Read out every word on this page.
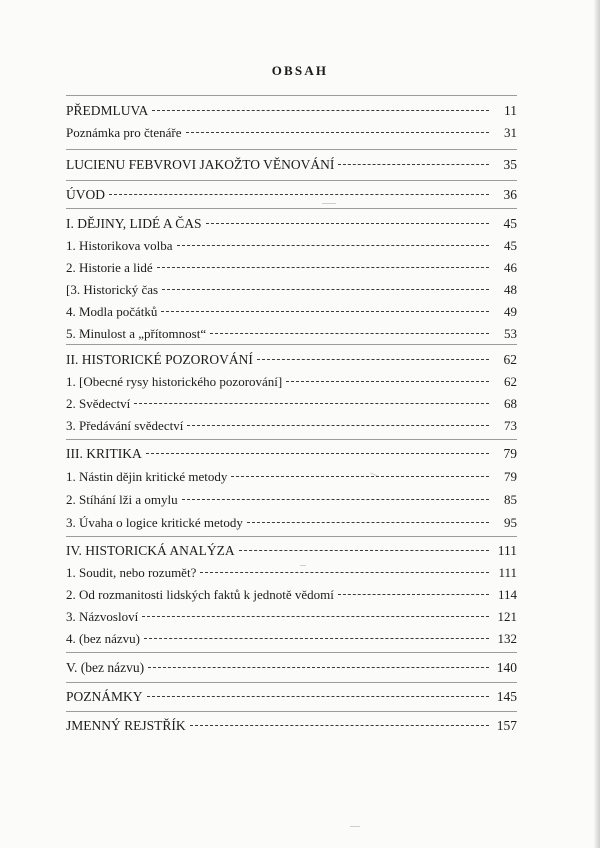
OBSAH
PŘEDMLUVA	11
Poznámka pro čtenáře	31
LUCIENU FEBVROVI JAKOŽTO VĚNOVÁNÍ	35
ÚVOD	36
I. DĚJINY, LIDÉ A ČAS	45
1. Historikova volba	45
2. Historie a lidé	46
[3. Historický čas	48
4. Modla počátků	49
5. Minulost a „přítomnost“	53
II. HISTORICKÉ POZOROVÁNÍ	62
1. [Obecné rysy historického pozorování]	62
2. Svědectví	68
3. Předávání svědectví	73
III. KRITIKA	79
1. Nástin dějin kritické metody	79
2. Stíhání lži a omylu	85
3. Úvaha o logice kritické metody	95
IV. HISTORICKÁ ANALÝZA	111
1. Soudit, nebo rozumět?	111
2. Od rozmanitosti lidských faktů k jednotě vědomí	114
3. Názvosloví	121
4. (bez názvu)	132
V. (bez názvu)	140
POZNÁMKY	145
JMENNÝ REJSTŘÍK	157
